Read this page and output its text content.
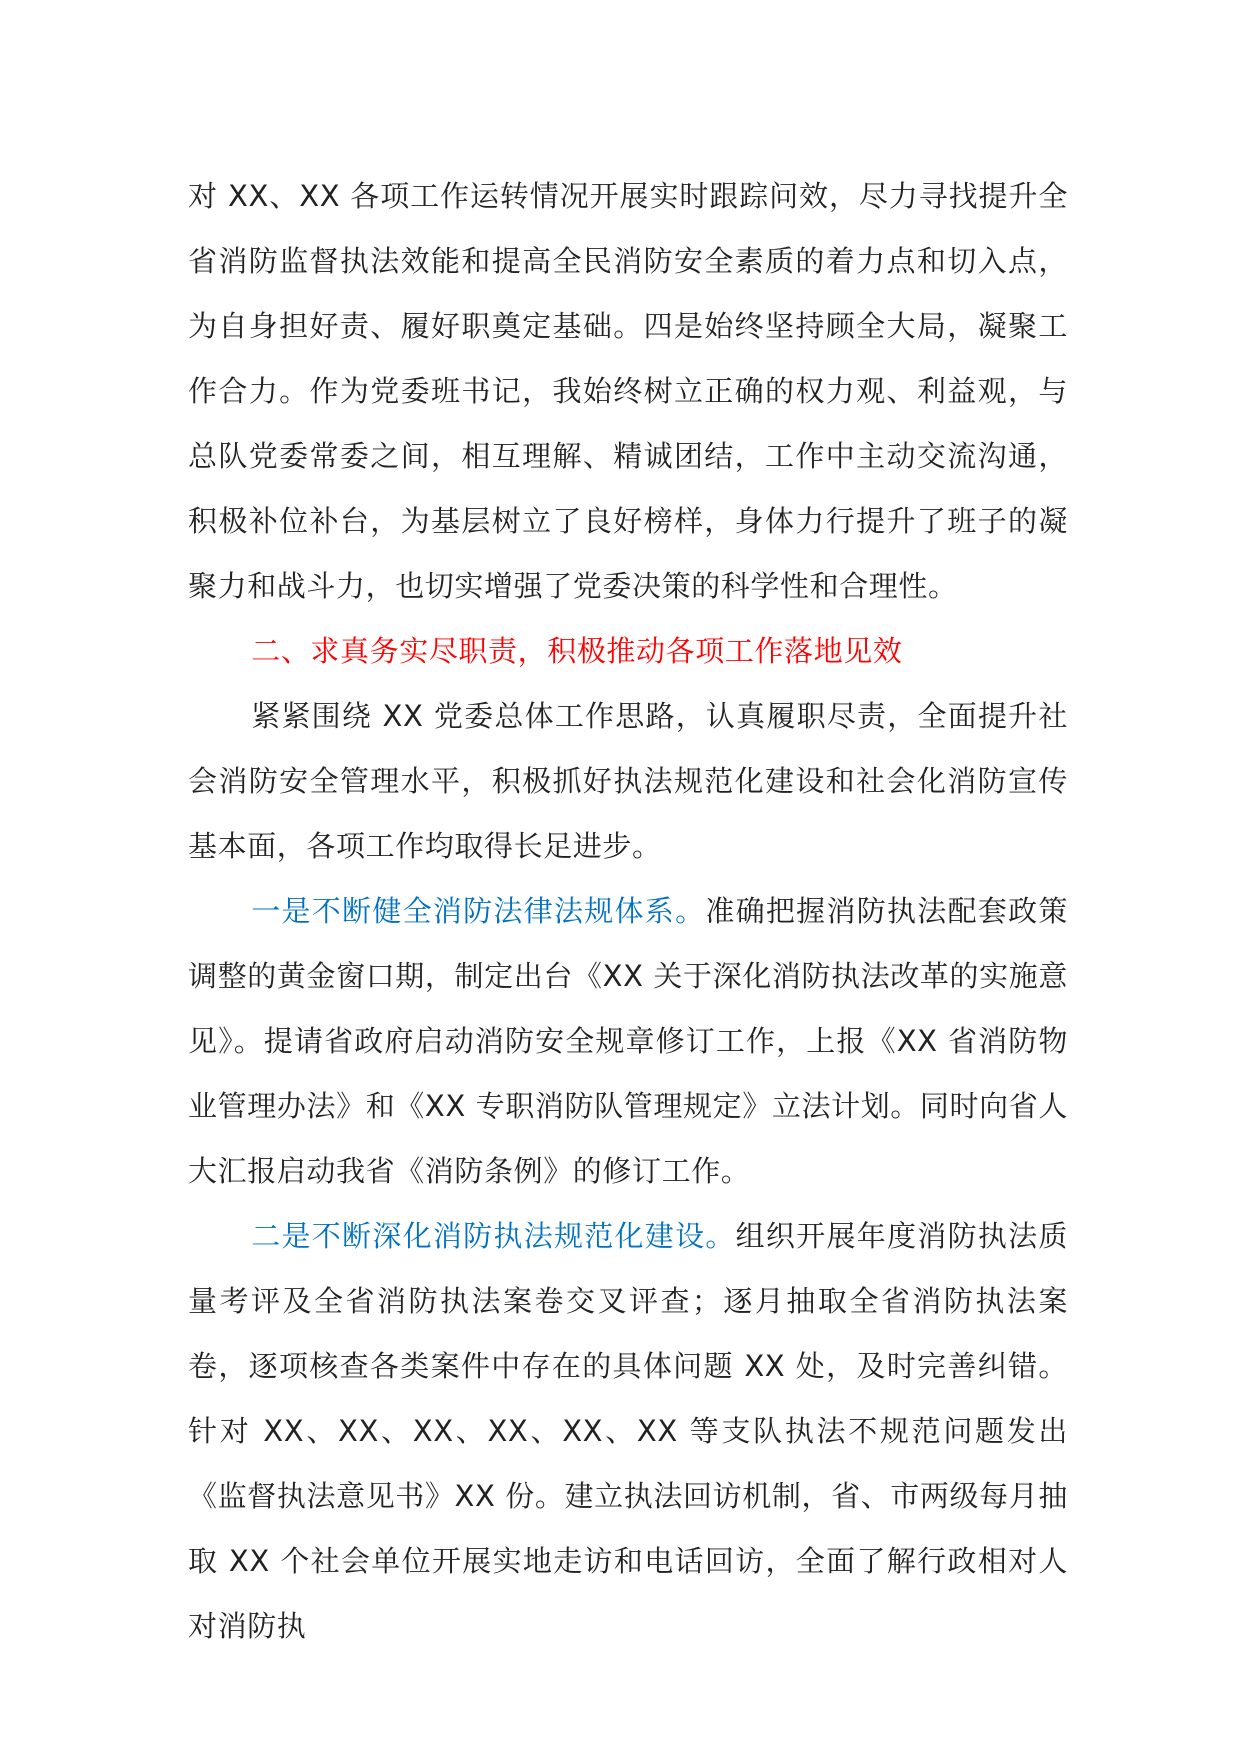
对 XX、XX 各项工作运转情况开展实时跟踪问效，尽力寻找提升全省消防监督执法效能和提高全民消防安全素质的着力点和切入点，为自身担好责、履好职奠定基础。四是始终坚持顾全大局，凝聚工作合力。作为党委班书记，我始终树立正确的权力观、利益观，与总队党委常委之间，相互理解、精诚团结，工作中主动交流沟通，积极补位补台，为基层树立了良好榜样，身体力行提升了班子的凝聚力和战斗力，也切实增强了党委决策的科学性和合理性。

二、求真务实尽职责，积极推动各项工作落地见效

紧紧围绕 XX 党委总体工作思路，认真履职尽责，全面提升社会消防安全管理水平，积极抓好执法规范化建设和社会化消防宣传基本面，各项工作均取得长足进步。

一是不断健全消防法律法规体系。准确把握消防执法配套政策调整的黄金窗口期，制定出台《XX 关于深化消防执法改革的实施意见》。提请省政府启动消防安全规章修订工作，上报《XX 省消防物业管理办法》和《XX 专职消防队管理规定》立法计划。同时向省人大汇报启动我省《消防条例》的修订工作。

二是不断深化消防执法规范化建设。组织开展年度消防执法质量考评及全省消防执法案卷交叉评查；逐月抽取全省消防执法案卷，逐项核查各类案件中存在的具体问题 XX 处，及时完善纠错。针对 XX、XX、XX、XX、XX、XX 等支队执法不规范问题发出《监督执法意见书》XX 份。建立执法回访机制，省、市两级每月抽取 XX 个社会单位开展实地走访和电话回访，全面了解行政相对人对消防执
